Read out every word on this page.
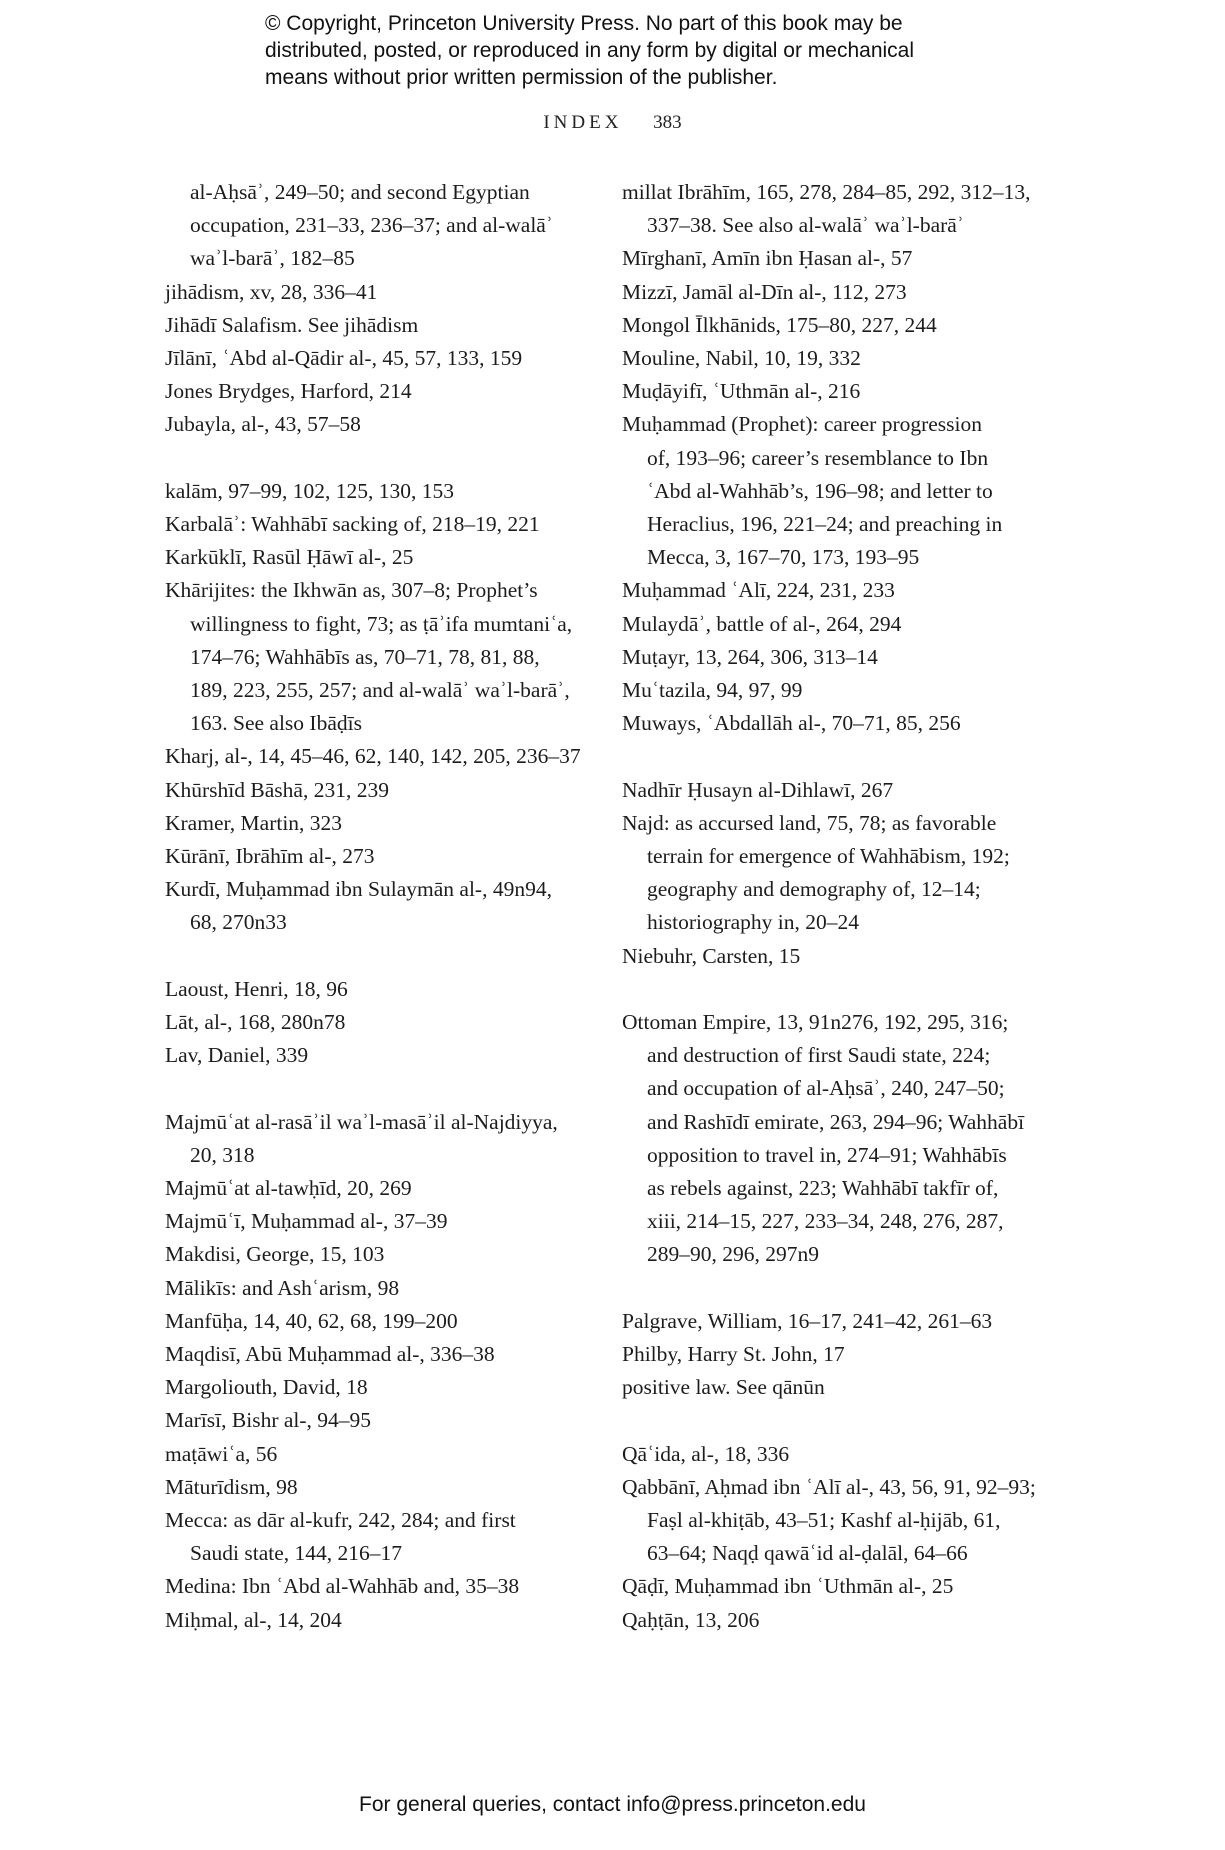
© Copyright, Princeton University Press. No part of this book may be

distributed, posted, or reproduced in any form by digital or mechanical

means without prior written permission of the publisher.

INDEX 383
al-Aḥsāʾ, 249–50; and second Egyptian
occupation, 231–33, 236–37; and al-walāʾ
waʾl-barāʾ, 182–85
jihādism, xv, 28, 336–41
Jihādī Salafism. See jihādism
Jīlānī, ʿAbd al-Qādir al-, 45, 57, 133, 159
Jones Brydges, Harford, 214
Jubayla, al-, 43, 57–58
kalām, 97–99, 102, 125, 130, 153
Karbalāʾ: Wahhābī sacking of, 218–19, 221
Karkūklī, Rasūl Ḥāwī al-, 25
Khārijites: the Ikhwān as, 307–8; Prophet’s
willingness to fight, 73; as ṭāʾifa mumtaniʿa,
174–76; Wahhābīs as, 70–71, 78, 81, 88,
189, 223, 255, 257; and al-walāʾ waʾl-barāʾ,
163. See also Ibāḍīs
Kharj, al-, 14, 45–46, 62, 140, 142, 205, 236–37
Khūrshīd Bāshā, 231, 239
Kramer, Martin, 323
Kūrānī, Ibrāhīm al-, 273
Kurdī, Muḥammad ibn Sulaymān al-, 49n94,
68, 270n33
Laoust, Henri, 18, 96
Lāt, al-, 168, 280n78
Lav, Daniel, 339
Majmūʿat al-rasāʾil waʾl-masāʾil al-Najdiyya,
20, 318
Majmūʿat al-tawḥīd, 20, 269
Majmūʿī, Muḥammad al-, 37–39
Makdisi, George, 15, 103
Mālikīs: and Ashʿarism, 98
Manfūḥa, 14, 40, 62, 68, 199–200
Maqdisī, Abū Muḥammad al-, 336–38
Margoliouth, David, 18
Marīsī, Bishr al-, 94–95
maṭāwiʿa, 56
Māturīdism, 98
Mecca: as dār al-kufr, 242, 284; and first
Saudi state, 144, 216–17
Medina: Ibn ʿAbd al-Wahhāb and, 35–38
Miḥmal, al-, 14, 204
millat Ibrāhīm, 165, 278, 284–85, 292, 312–13,
337–38. See also al-walāʾ waʾl-barāʾ
Mīrghanī, Amīn ibn Ḥasan al-, 57
Mizzī, Jamāl al-Dīn al-, 112, 273
Mongol Īlkhānids, 175–80, 227, 244
Mouline, Nabil, 10, 19, 332
Muḍāyifī, ʿUthmān al-, 216
Muḥammad (Prophet): career progression
of, 193–96; career’s resemblance to Ibn
ʿAbd al-Wahhāb’s, 196–98; and letter to
Heraclius, 196, 221–24; and preaching in
Mecca, 3, 167–70, 173, 193–95
Muḥammad ʿAlī, 224, 231, 233
Mulaydāʾ, battle of al-, 264, 294
Muṭayr, 13, 264, 306, 313–14
Muʿtazila, 94, 97, 99
Muways, ʿAbdallāh al-, 70–71, 85, 256
Nadhīr Ḥusayn al-Dihlawī, 267
Najd: as accursed land, 75, 78; as favorable
terrain for emergence of Wahhābism, 192;
geography and demography of, 12–14;
historiography in, 20–24
Niebuhr, Carsten, 15
Ottoman Empire, 13, 91n276, 192, 295, 316;
and destruction of first Saudi state, 224;
and occupation of al-Aḥsāʾ, 240, 247–50;
and Rashīdī emirate, 263, 294–96; Wahhābī
opposition to travel in, 274–91; Wahhābīs
as rebels against, 223; Wahhābī takfīr of,
xiii, 214–15, 227, 233–34, 248, 276, 287,
289–90, 296, 297n9
Palgrave, William, 16–17, 241–42, 261–63
Philby, Harry St. John, 17
positive law. See qānūn
Qāʿida, al-, 18, 336
Qabbānī, Aḥmad ibn ʿAlī al-, 43, 56, 91, 92–93;
Faṣl al-khiṭāb, 43–51; Kashf al-ḥijāb, 61,
63–64; Naqḍ qawāʿid al-ḍalāl, 64–66
Qāḍī, Muḥammad ibn ʿUthmān al-, 25
Qaḥṭān, 13, 206
For general queries, contact info@press.princeton.edu
